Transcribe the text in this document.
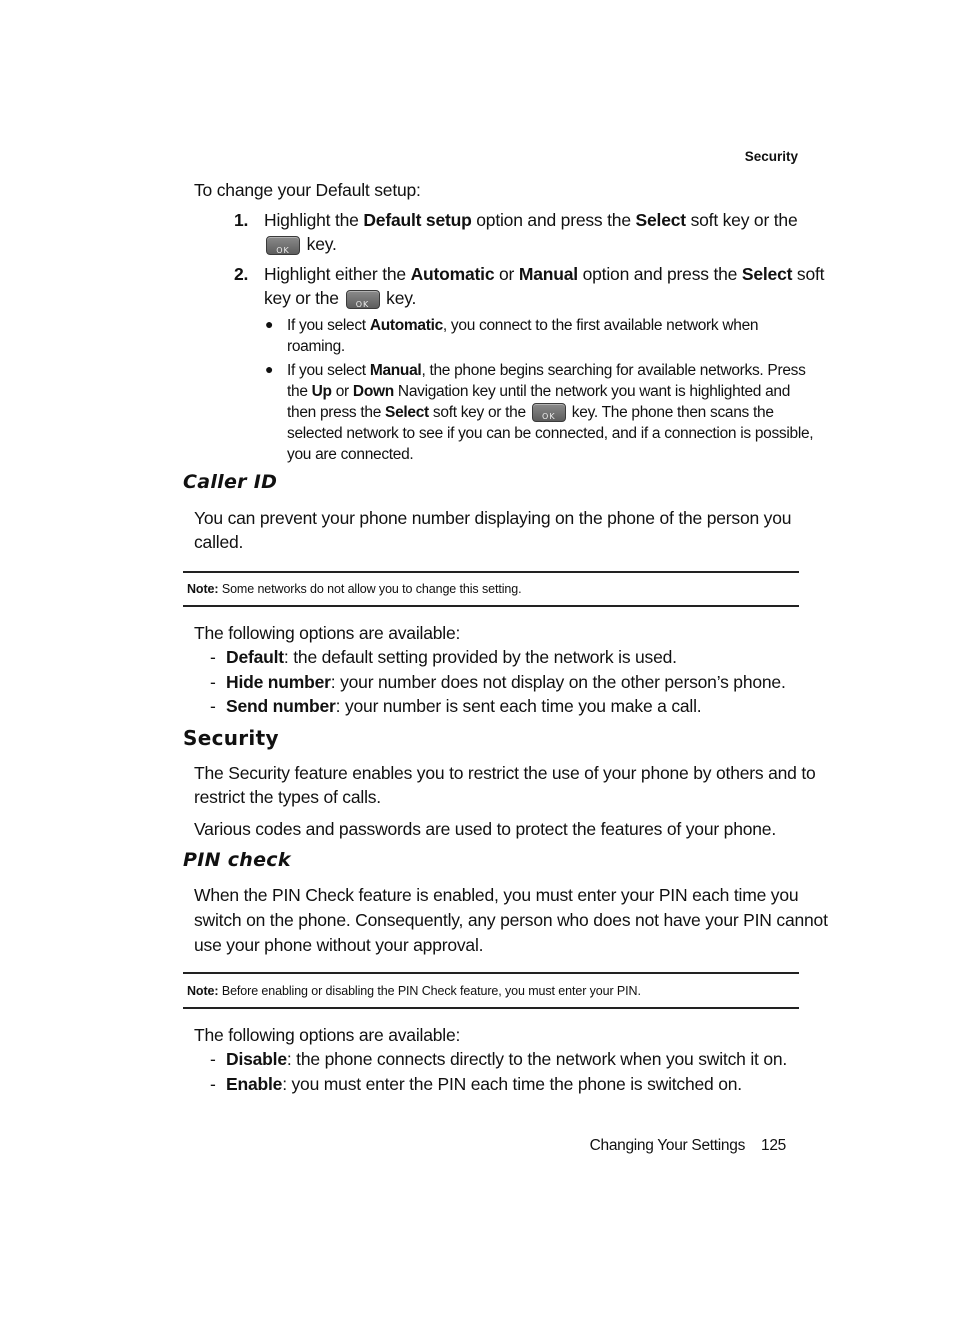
Security
To change your Default setup:
1. Highlight the Default setup option and press the Select soft key or the
OK key.
2. Highlight either the Automatic or Manual option and press the Select soft
key or the	OK key.
● If you select Automatic, you connect to the first available network when
roaming.
● If you select Manual, the phone begins searching for available networks. Press
the Up or Down Navigation key until the network you want is highlighted and
then press the Select soft key or the	OK key. The phone then scans the
selected network to see if you can be connected, and if a connection is possible,
you are connected.
Caller ID
You can prevent your phone number displaying on the phone of the person you
called.
Note: Some networks do not allow you to change this setting.
The following options are available:
- Default: the default setting provided by the network is used.
- Hide number: your number does not display on the other person’s phone.
- Send number: your number is sent each time you make a call.
Security
The Security feature enables you to restrict the use of your phone by others and to
restrict the types of calls.
Various codes and passwords are used to protect the features of your phone.
PIN check
When the PIN Check feature is enabled, you must enter your PIN each time you
switch on the phone. Consequently, any person who does not have your PIN cannot
use your phone without your approval.
Note: Before enabling or disabling the PIN Check feature, you must enter your PIN.
The following options are available:
- Disable: the phone connects directly to the network when you switch it on.
- Enable: you must enter the PIN each time the phone is switched on.
Changing Your Settings 125
